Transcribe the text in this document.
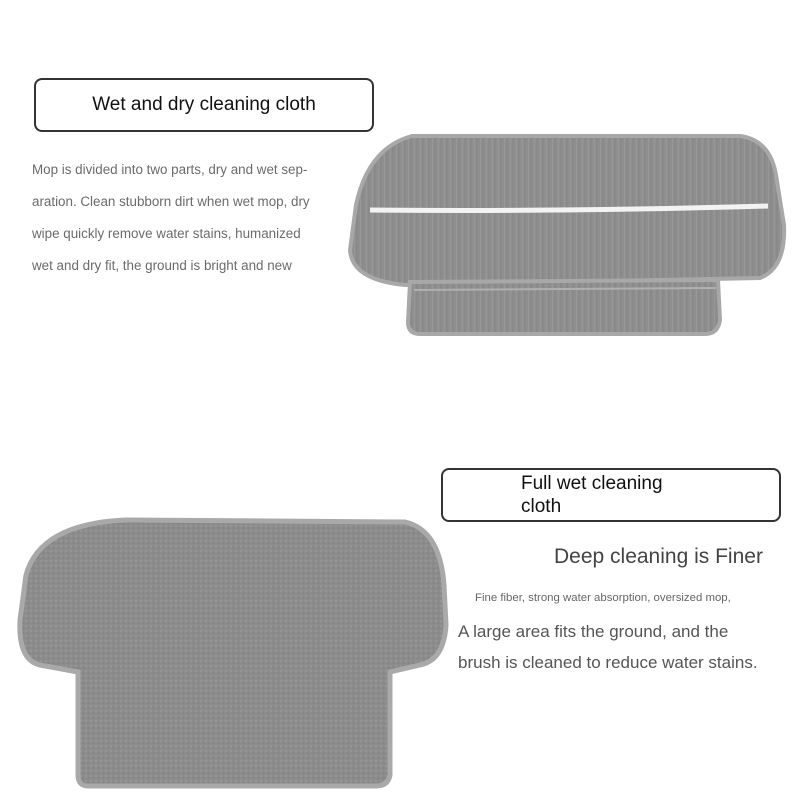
Wet and dry cleaning cloth

Mop is divided into two parts, dry and wet sep-
aration. Clean stubborn dirt when wet mop, dry
wipe quickly remove water stains, humanized
wet and dry fit, the ground is bright and new

Full wet cleaning
cloth
Deep cleaning is Finer
Fine fiber, strong water absorption, oversized mop,

A large area fits the ground, and the
brush is cleaned to reduce water stains.
